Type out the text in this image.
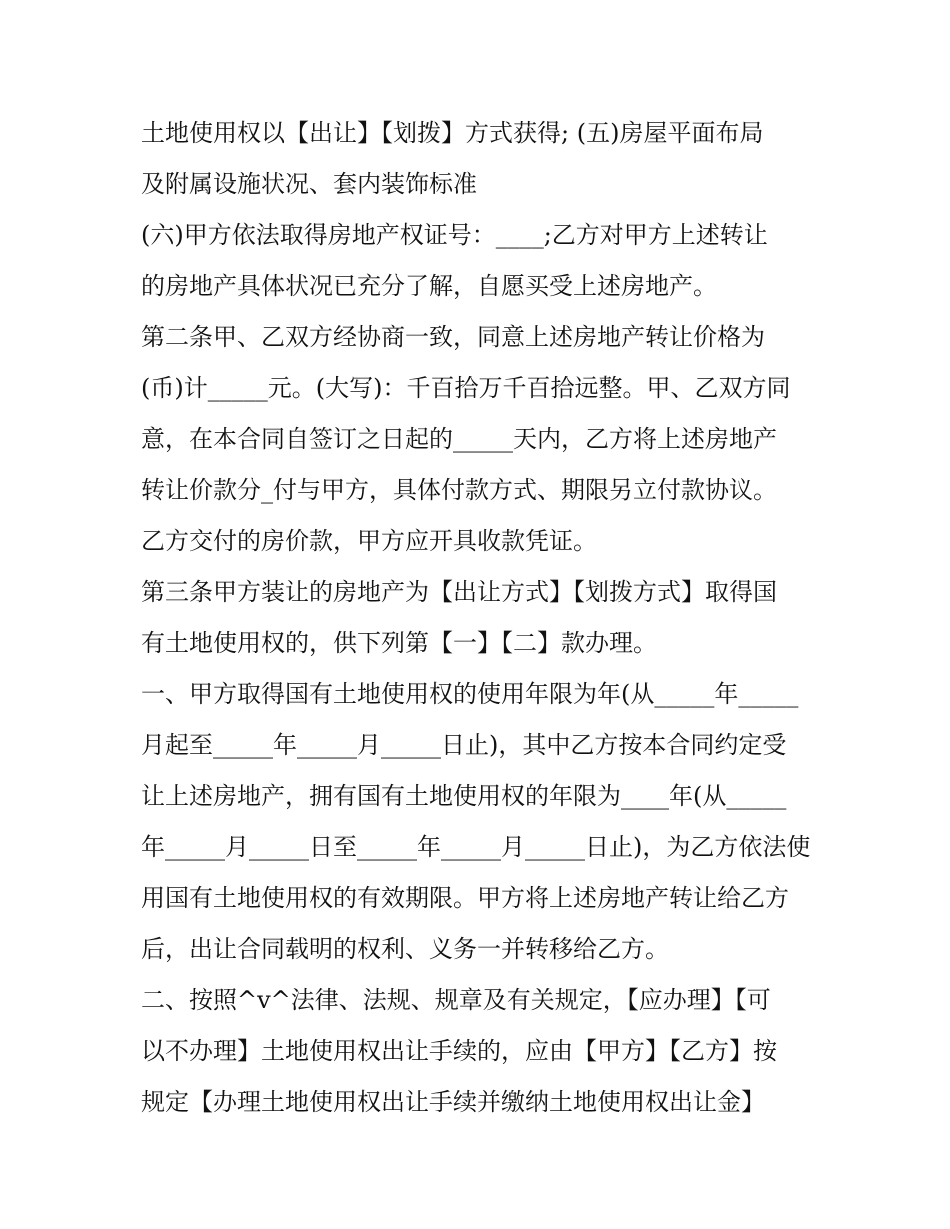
土地使用权以【出让】【划拨】方式获得; (五)房屋平面布局
及附属设施状况、套内装饰标准
(六)甲方依法取得房地产权证号：____;乙方对甲方上述转让
的房地产具体状况已充分了解，自愿买受上述房地产。
第二条甲、乙双方经协商一致，同意上述房地产转让价格为
(币)计_____元。(大写)：千百拾万千百拾远整。甲、乙双方同
意，在本合同自签订之日起的_____天内，乙方将上述房地产
转让价款分_付与甲方，具体付款方式、期限另立付款协议。
乙方交付的房价款，甲方应开具收款凭证。
第三条甲方装让的房地产为【出让方式】【划拨方式】取得国
有土地使用权的，供下列第【一】【二】款办理。
一、甲方取得国有土地使用权的使用年限为年(从_____年_____
月起至_____年_____月_____日止)，其中乙方按本合同约定受
让上述房地产，拥有国有土地使用权的年限为____年(从_____
年_____月_____日至_____年_____月_____日止)，为乙方依法使
用国有土地使用权的有效期限。甲方将上述房地产转让给乙方
后，出让合同载明的权利、义务一并转移给乙方。
二、按照^v^法律、法规、规章及有关规定，【应办理】【可
以不办理】土地使用权出让手续的，应由【甲方】【乙方】按
规定【办理土地使用权出让手续并缴纳土地使用权出让金】
